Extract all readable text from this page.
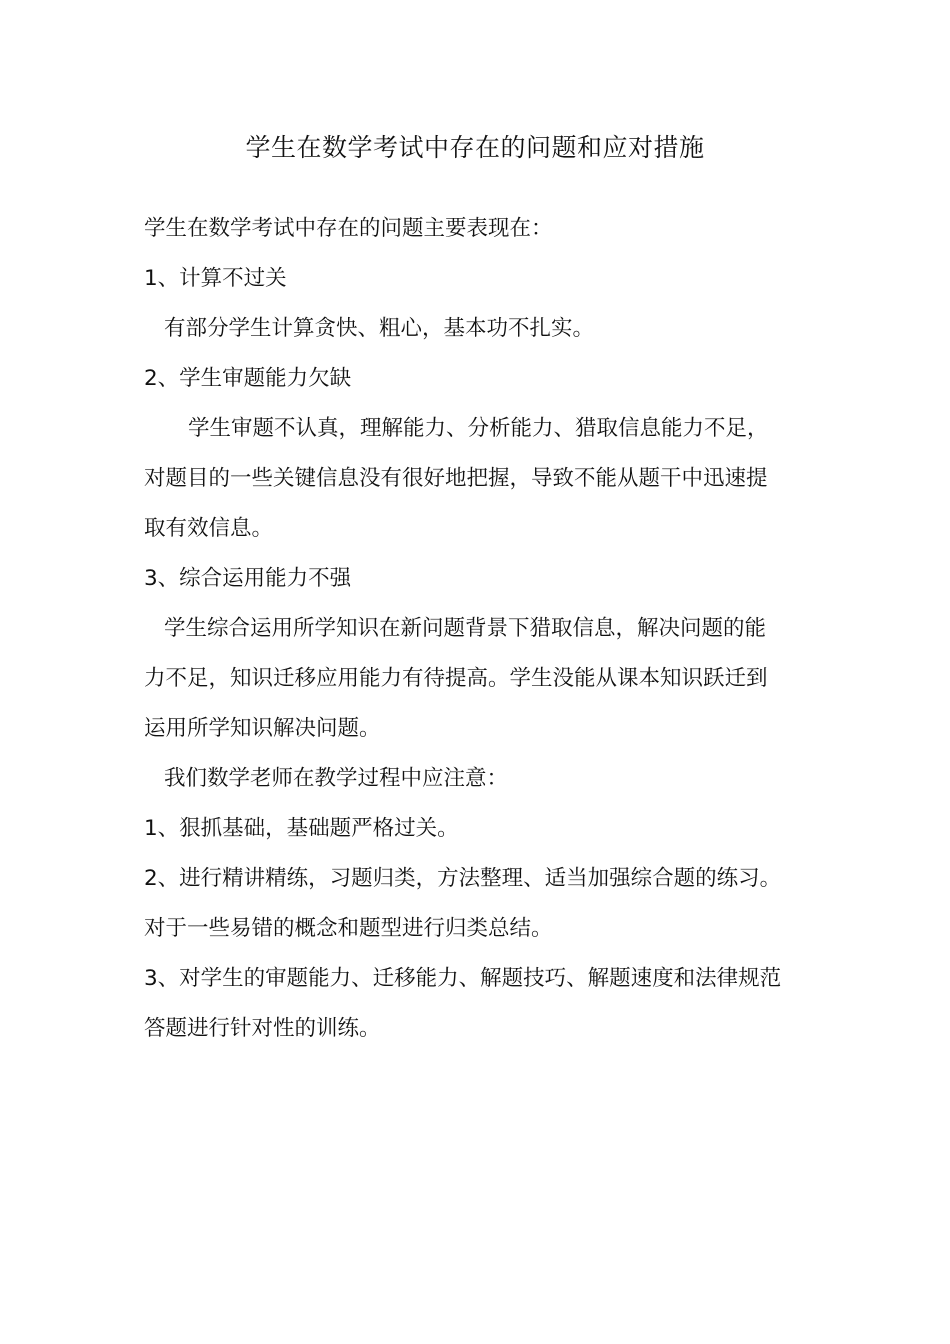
学生在数学考试中存在的问题和应对措施

学生在数学考试中存在的问题主要表现在：

1、计算不过关

有部分学生计算贪快、粗心，基本功不扎实。

2、学生审题能力欠缺

学生审题不认真，理解能力、分析能力、猎取信息能力不足，

对题目的一些关键信息没有很好地把握，导致不能从题干中迅速提

取有效信息。

3、综合运用能力不强

学生综合运用所学知识在新问题背景下猎取信息，解决问题的能

力不足，知识迁移应用能力有待提高。学生没能从课本知识跃迁到

运用所学知识解决问题。

我们数学老师在教学过程中应注意：

1、狠抓基础，基础题严格过关。

2、进行精讲精练，习题归类，方法整理、适当加强综合题的练习。

对于一些易错的概念和题型进行归类总结。

3、对学生的审题能力、迁移能力、解题技巧、解题速度和法律规范

答题进行针对性的训练。
